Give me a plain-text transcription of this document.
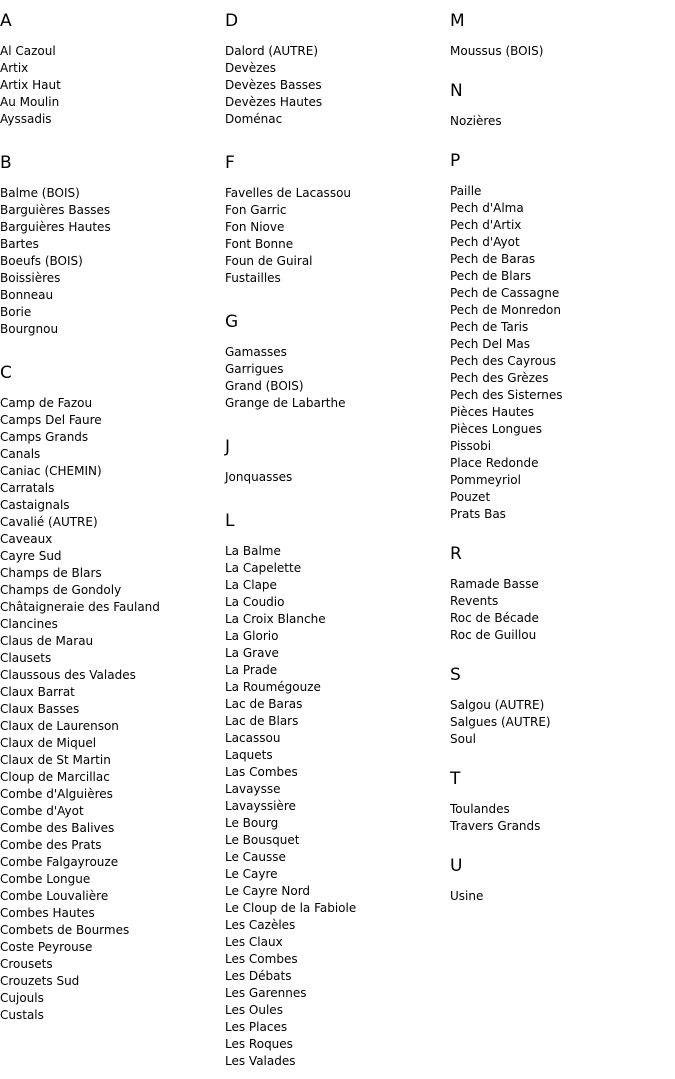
A
Al Cazoul
Artix
Artix Haut
Au Moulin
Ayssadis
B
Balme (BOIS)
Barguières Basses
Barguières Hautes
Bartes
Boeufs (BOIS)
Boissières
Bonneau
Borie
Bourgnou
C
Camp de Fazou
Camps Del Faure
Camps Grands
Canals
Caniac (CHEMIN)
Carratals
Castaignals
Cavalié (AUTRE)
Caveaux
Cayre Sud
Champs de Blars
Champs de Gondoly
Châtaigneraie des Fauland
Clancines
Claus de Marau
Clausets
Claussous des Valades
Claux Barrat
Claux Basses
Claux de Laurenson
Claux de Miquel
Claux de St Martin
Cloup de Marcillac
Combe d'Alguières
Combe d'Ayot
Combe des Balives
Combe des Prats
Combe Falgayrouze
Combe Longue
Combe Louvalière
Combes Hautes
Combets de Bourmes
Coste Peyrouse
Crousets
Crouzets Sud
Cujouls
Custals
D
Dalord (AUTRE)
Devèzes
Devèzes Basses
Devèzes Hautes
Doménac
F
Favelles de Lacassou
Fon Garric
Fon Niove
Font Bonne
Foun de Guiral
Fustailles
G
Gamasses
Garrigues
Grand (BOIS)
Grange de Labarthe
J
Jonquasses
L
La Balme
La Capelette
La Clape
La Coudio
La Croix Blanche
La Glorio
La Grave
La Prade
La Roumégouze
Lac de Baras
Lac de Blars
Lacassou
Laquets
Las Combes
Lavaysse
Lavayssière
Le Bourg
Le Bousquet
Le Causse
Le Cayre
Le Cayre Nord
Le Cloup de la Fabiole
Les Cazèles
Les Claux
Les Combes
Les Débats
Les Garennes
Les Oules
Les Places
Les Roques
Les Valades
M
Moussus (BOIS)
N
Nozières
P
Paille
Pech d'Alma
Pech d'Artix
Pech d'Ayot
Pech de Baras
Pech de Blars
Pech de Cassagne
Pech de Monredon
Pech de Taris
Pech Del Mas
Pech des Cayrous
Pech des Grèzes
Pech des Sisternes
Pièces Hautes
Pièces Longues
Pissobi
Place Redonde
Pommeyriol
Pouzet
Prats Bas
R
Ramade Basse
Revents
Roc de Bécade
Roc de Guillou
S
Salgou (AUTRE)
Salgues (AUTRE)
Soul
T
Toulandes
Travers Grands
U
Usine
